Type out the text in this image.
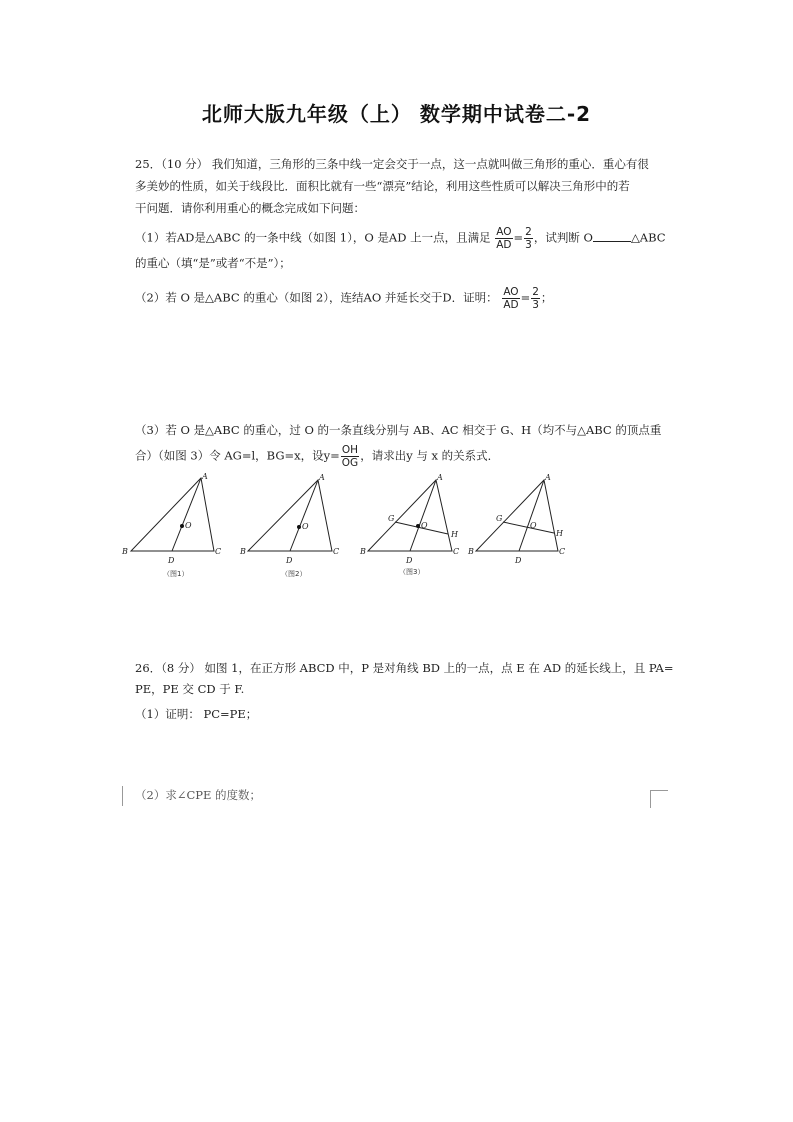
北师大版九年级（上） 数学期中试卷二-2
25．（10 分） 我们知道，三角形的三条中线一定会交于一点，这一点就叫做三角形的重心．重心有很
多美妙的性质，如关于线段比．面积比就有一些“漂亮”结论，利用这些性质可以解决三角形中的若
干问题．请你利用重心的概念完成如下问题：
（1）若AD是△ABC 的一条中线（如图 1），O 是AD 上一点，且满足 $\frac{AO}{AD} = \frac{2}{3}$ ，试判断 O	△ABC
的重心（填“是”或者“不是”）；
（2）若 O 是△ABC 的重心（如图 2），连结AO 并延长交于D．证明： $\frac{AO}{AD} = \frac{2}{3}$ ；
（3）若 O 是△ABC 的重心，过 O 的一条直线分别与 AB、AC 相交于 G、H（均不与△ABC 的顶点重
合）（如图 3）令 AG=l，BG=x，设$y= \frac{OH}{OG}$ ，请求出y 与 x 的关系式．
A
B	C
D
O
（图1）
A
B	C
D
O
（图2）
A
B	C
D
O
G
H
（图3）
A
B	C
D
O
G
H
26．（8 分） 如图 1，在正方形 ABCD 中，P 是对角线 BD 上的一点，点 E 在 AD 的延长线上，且 PA=
PE，PE 交 CD 于 F.
（1）证明： PC=PE；
（2）求∠CPE 的度数；
